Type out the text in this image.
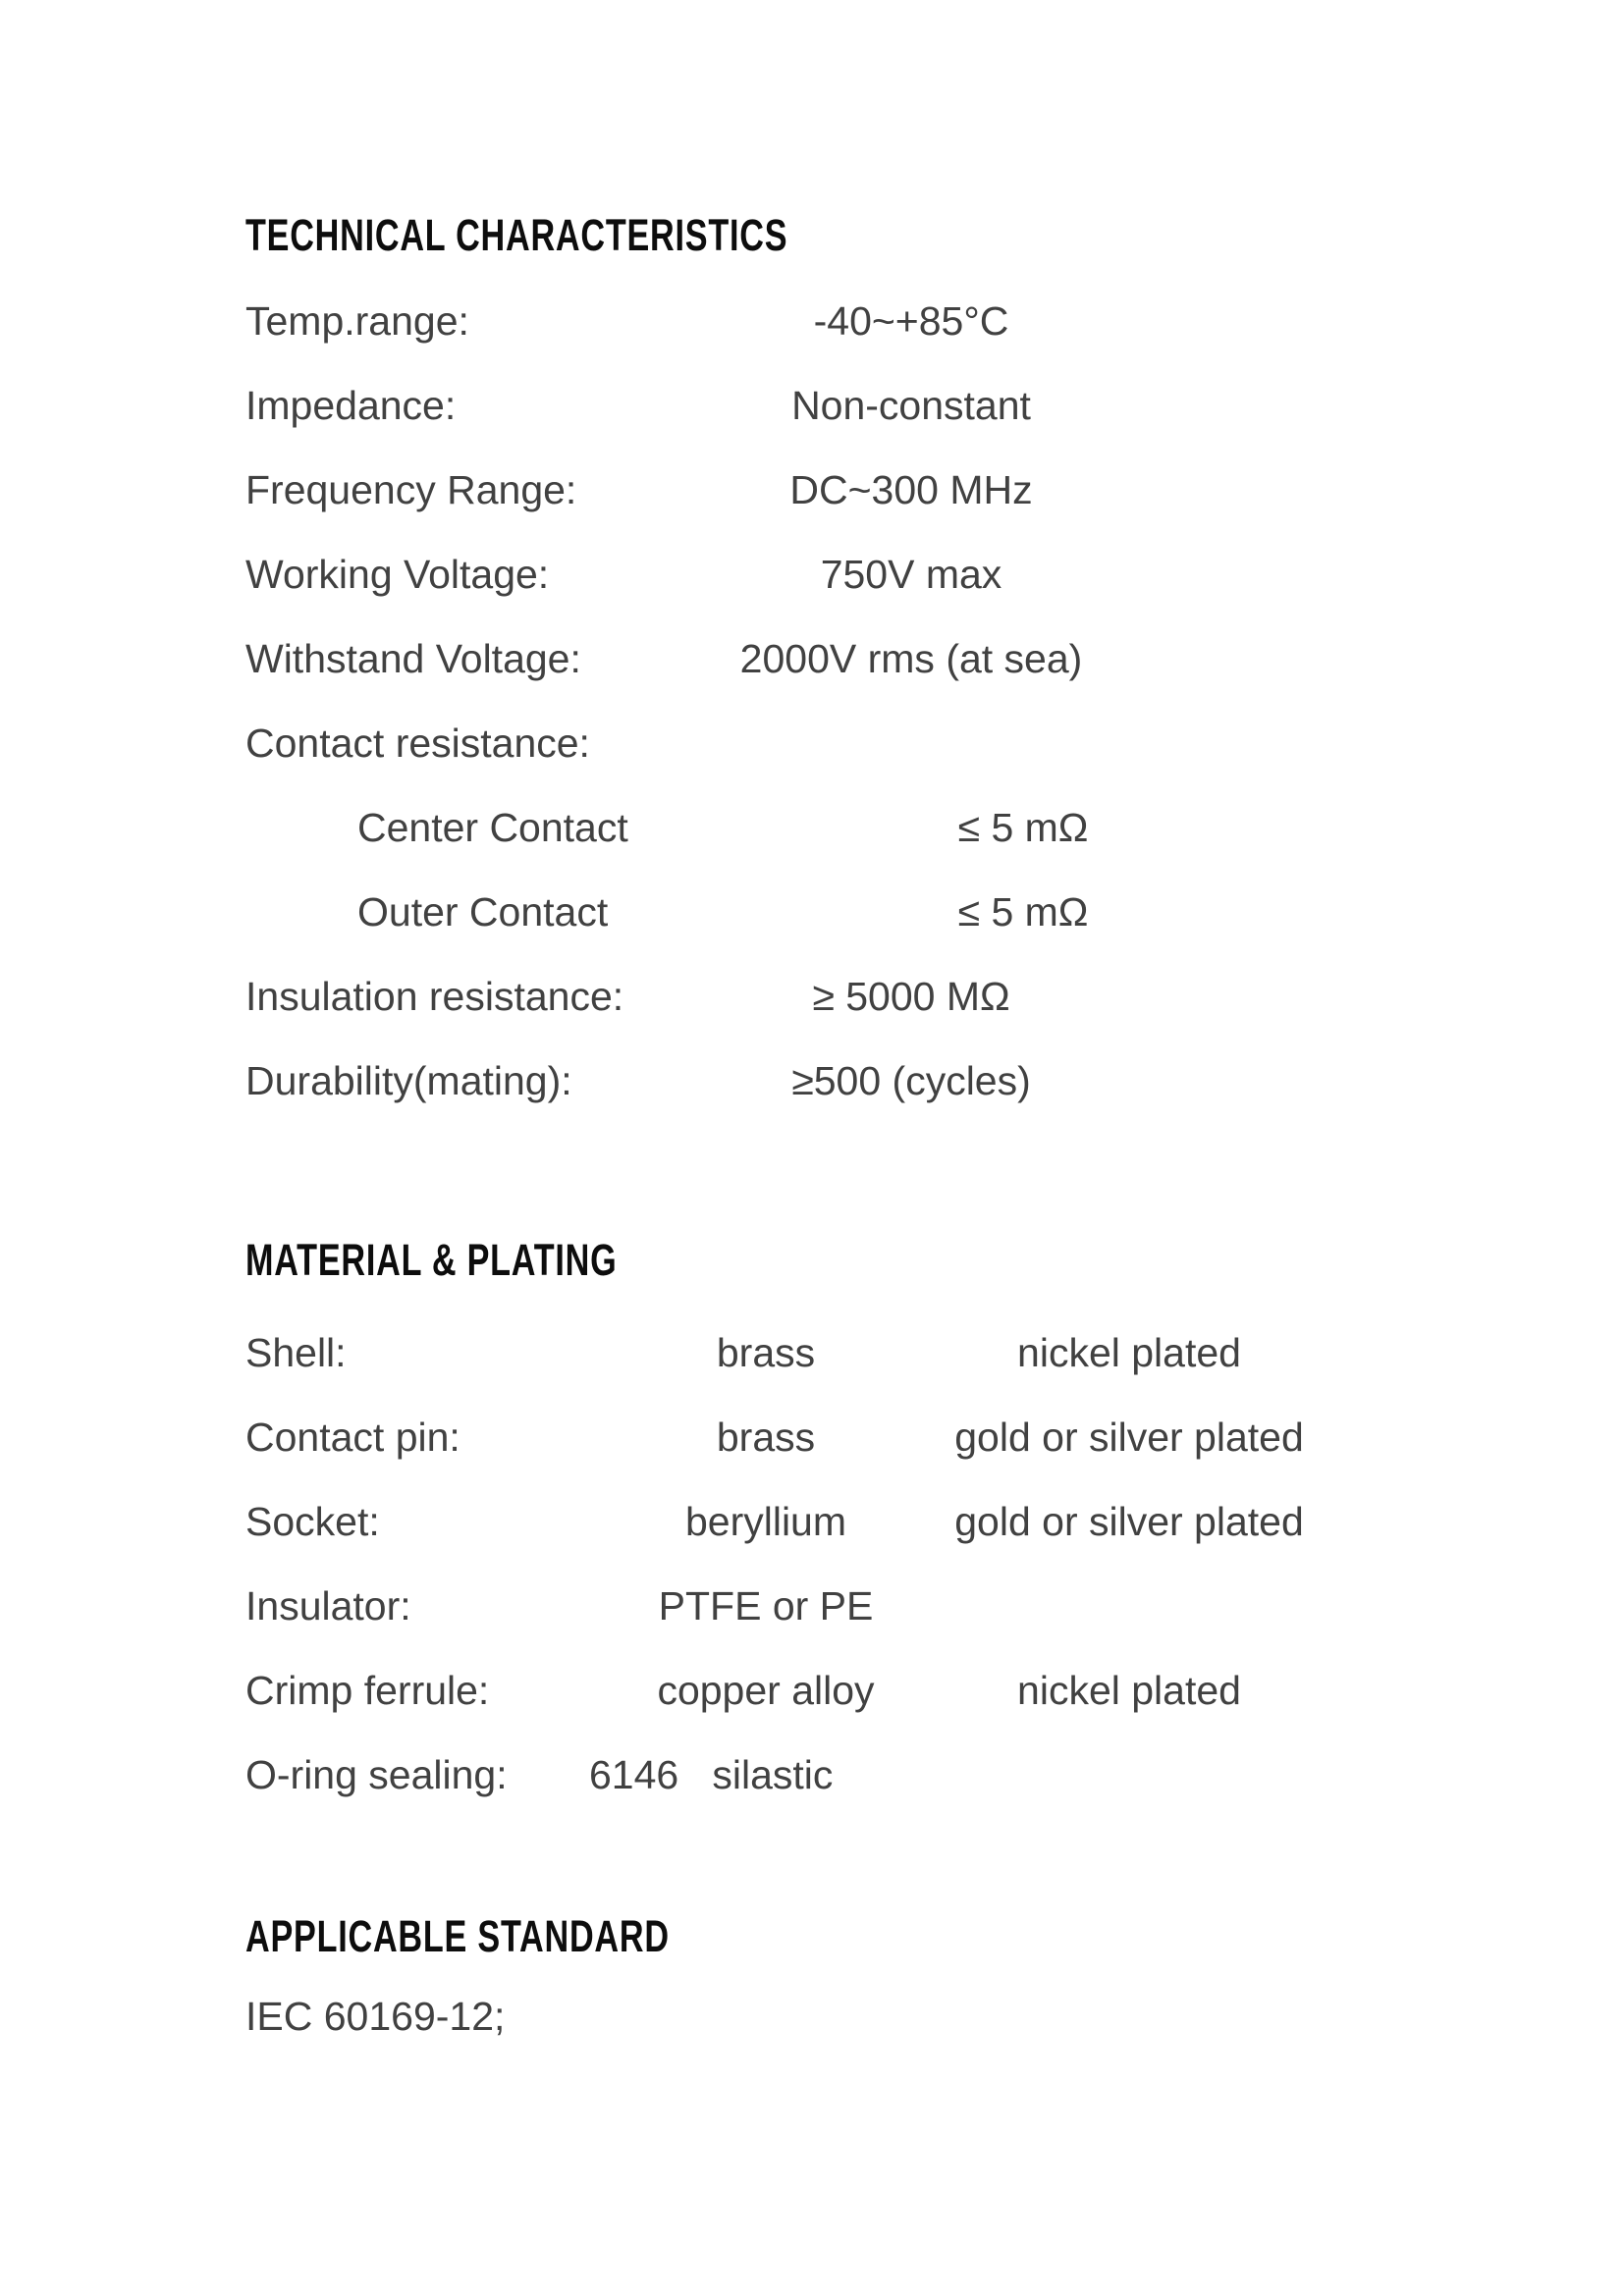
TECHNICAL CHARACTERISTICS
Temp.range:	-40~+85°C
Impedance:	Non-constant
Frequency Range:	DC~300 MHz
Working Voltage:	750V max
Withstand Voltage:	2000V rms (at sea)
Contact resistance:
Center Contact	≤ 5 mΩ
Outer Contact	≤ 5 mΩ
Insulation resistance:	≥ 5000 MΩ
Durability(mating):	≥500 (cycles)
MATERIAL & PLATING
Shell:	brass	nickel plated
Contact pin:	brass	gold or silver plated
Socket:	beryllium	gold or silver plated
Insulator:	PTFE or PE
Crimp ferrule:	copper alloy	nickel plated
O-ring sealing:	6146   silastic
APPLICABLE STANDARD
IEC 60169-12;
